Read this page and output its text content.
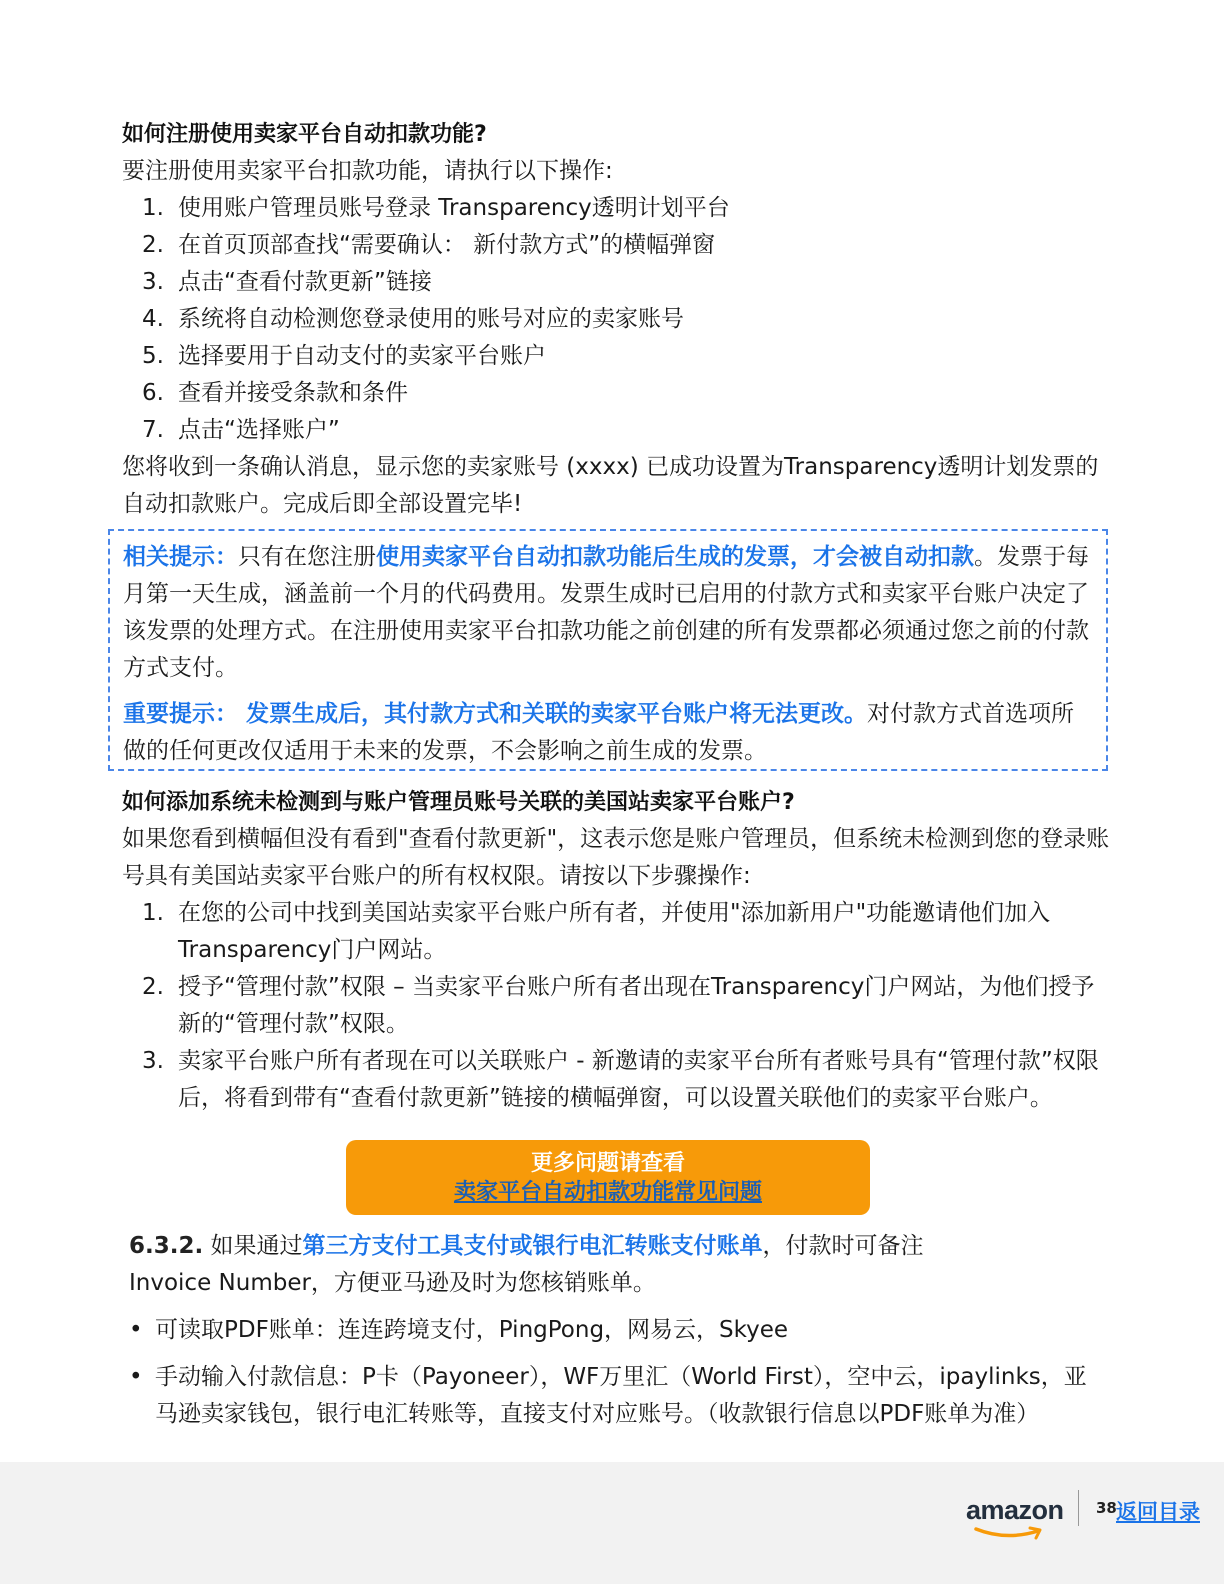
如何注册使用卖家平台自动扣款功能?
要注册使用卖家平台扣款功能，请执行以下操作:
1. 使用账户管理员账号登录 Transparency透明计划平台
2. 在首页顶部查找“需要确认： 新付款方式”的横幅弹窗
3. 点击“查看付款更新”链接
4. 系统将自动检测您登录使用的账号对应的卖家账号
5. 选择要用于自动支付的卖家平台账户
6. 查看并接受条款和条件
7. 点击“选择账户”
您将收到一条确认消息，显示您的卖家账号 (xxxx) 已成功设置为Transparency透明计划发票的自动扣款账户。完成后即全部设置完毕!
相关提示：只有在您注册使用卖家平台自动扣款功能后生成的发票，才会被自动扣款。发票于每月第一天生成，涵盖前一个月的代码费用。发票生成时已启用的付款方式和卖家平台账户决定了该发票的处理方式。在注册使用卖家平台扣款功能之前创建的所有发票都必须通过您之前的付款方式支付。
重要提示： 发票生成后，其付款方式和关联的卖家平台账户将无法更改。对付款方式首选项所做的任何更改仅适用于未来的发票，不会影响之前生成的发票。
如何添加系统未检测到与账户管理员账号关联的美国站卖家平台账户?
如果您看到横幅但没有看到"查看付款更新"，这表示您是账户管理员，但系统未检测到您的登录账号具有美国站卖家平台账户的所有权权限。请按以下步骤操作:
1. 在您的公司中找到美国站卖家平台账户所有者，并使用"添加新用户"功能邀请他们加入Transparency门户网站。
2. 授予“管理付款”权限 – 当卖家平台账户所有者出现在Transparency门户网站，为他们授予新的“管理付款”权限。
3. 卖家平台账户所有者现在可以关联账户 - 新邀请的卖家平台所有者账号具有“管理付款”权限后，将看到带有“查看付款更新”链接的横幅弹窗，可以设置关联他们的卖家平台账户。
更多问题请查看
卖家平台自动扣款功能常见问题
6.3.2. 如果通过第三方支付工具支付或银行电汇转账支付账单，付款时可备注
Invoice Number，方便亚马逊及时为您核销账单。
• 可读取PDF账单：连连跨境支付，PingPong，网易云，Skyee
• 手动输入付款信息：P卡（Payoneer），WF万里汇（World First），空中云，ipaylinks，亚马逊卖家钱包，银行电汇转账等，直接支付对应账号。（收款银行信息以PDF账单为准）
amazon 38 返回目录
